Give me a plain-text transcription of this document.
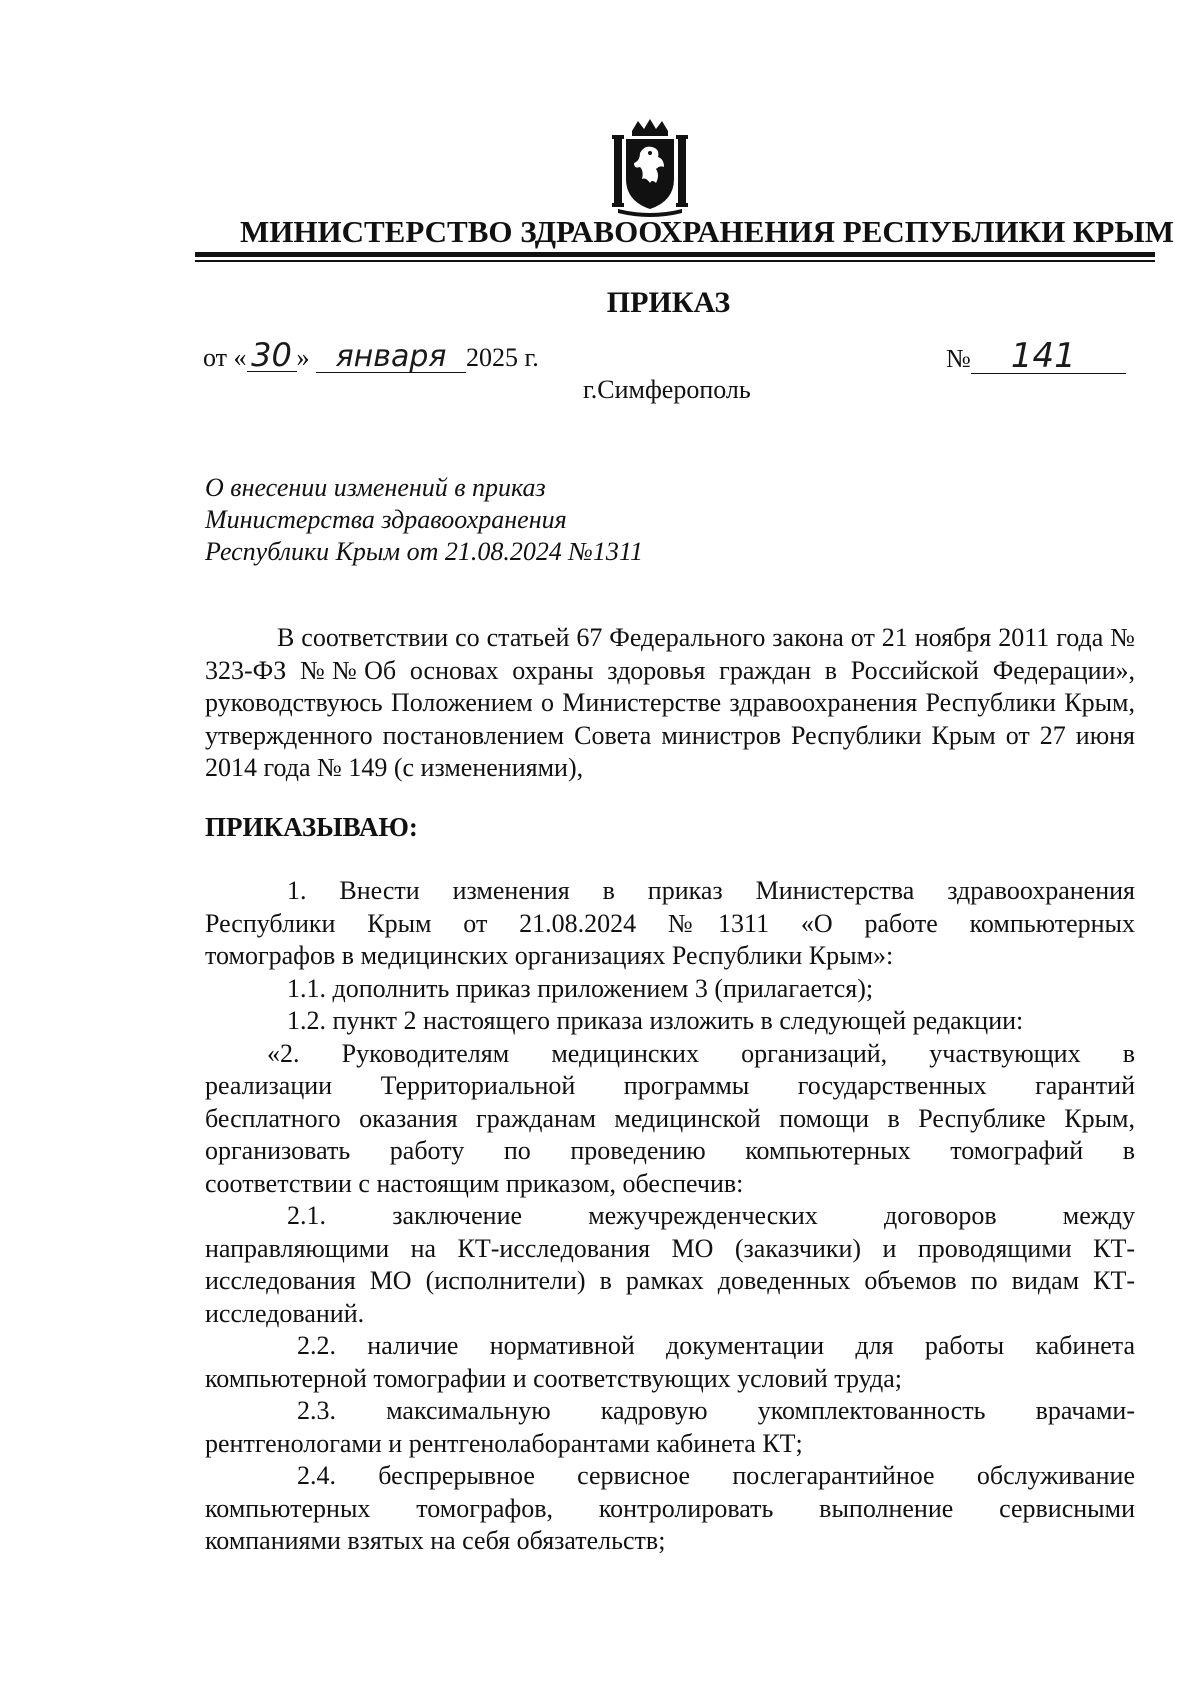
МИНИСТЕРСТВО ЗДРАВООХРАНЕНИЯ РЕСПУБЛИКИ КРЫМ
ПРИКАЗ
от « 30 » января 2025 г.	№ 141
г.Симферополь
О внесении изменений в приказ
Министерства здравоохранения
Республики Крым от 21.08.2024 №1311
В соответствии со статьей 67 Федерального закона от 21 ноября 2011 года № 323-ФЗ №№Об основах охраны здоровья граждан в Российской Федерации», руководствуюсь Положением о Министерстве здравоохранения Республики Крым, утвержденного постановлением Совета министров Республики Крым от 27 июня 2014 года № 149 (с изменениями),
ПРИКАЗЫВАЮ:
1. Внести изменения в приказ Министерства здравоохранения
Республики Крым от 21.08.2024 №1311 «О работе компьютерных
томографов в медицинских организациях Республики Крым»:
1.1. дополнить приказ приложением 3 (прилагается);
1.2. пункт 2 настоящего приказа изложить в следующей редакции:
«2. Руководителям медицинских организаций, участвующих в
реализации Территориальной программы государственных гарантий
бесплатного оказания гражданам медицинской помощи в Республике Крым,
организовать работу по проведению компьютерных томографий в
соответствии с настоящим приказом, обеспечив:
2.1. заключение межучрежденческих договоров между
направляющими на КТ-исследования МО (заказчики) и проводящими КТ-
исследования МО (исполнители) в рамках доведенных объемов по видам КТ-
исследований.
2.2. наличие нормативной документации для работы кабинета
компьютерной томографии и соответствующих условий труда;
2.3. максимальную кадровую укомплектованность врачами-
рентгенологами и рентгенолаборантами кабинета КТ;
2.4. беспрерывное сервисное послегарантийное обслуживание
компьютерных томографов, контролировать выполнение сервисными
компаниями взятых на себя обязательств;
